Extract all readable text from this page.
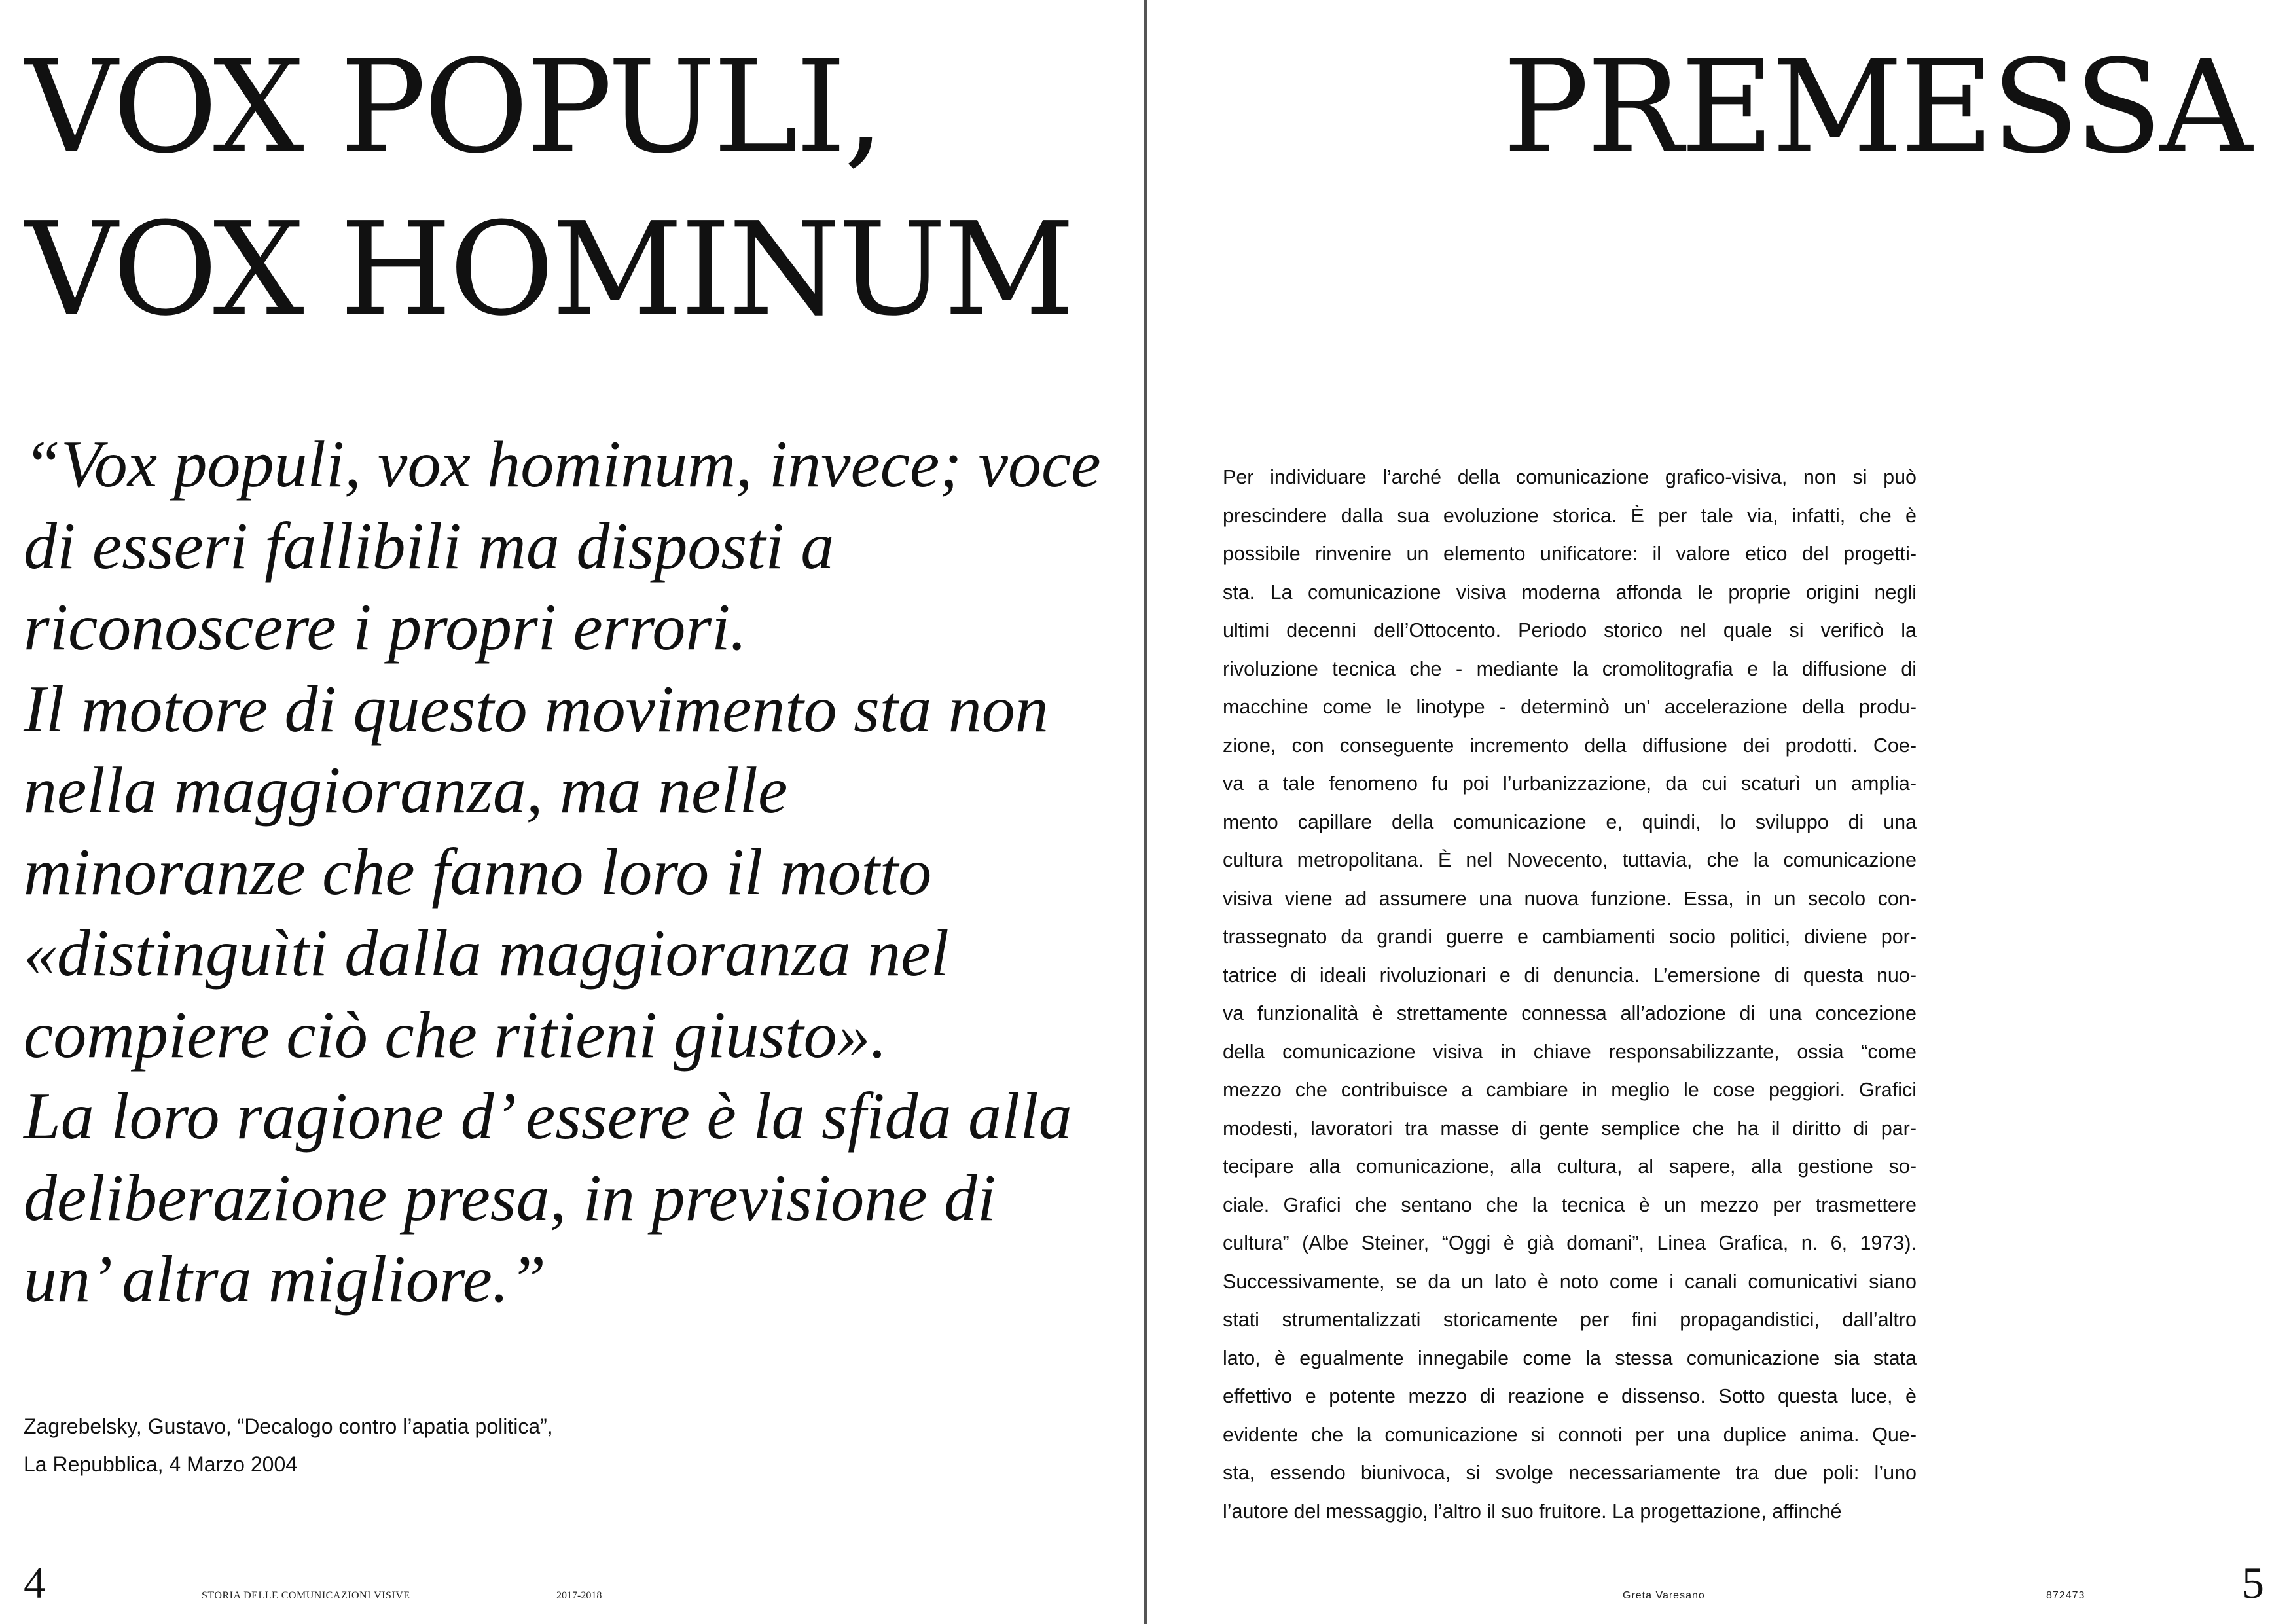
VOX POPULI,
VOX HOMINUM
“Vox populi, vox hominum, invece; voce
di esseri fallibili ma disposti a
riconoscere i propri errori.
Il motore di questo movimento sta non
nella maggioranza, ma nelle
minoranze che fanno loro il motto
«distinguìti dalla maggioranza nel
compiere ciò che ritieni giusto».
La loro ragione d’ essere è la sfida alla
deliberazione presa, in previsione di
un’ altra migliore.”
Zagrebelsky, Gustavo, “Decalogo contro l’apatia politica”,
La Repubblica, 4 Marzo 2004
4	STORIA DELLE COMUNICAZIONI VISIVE	2017-2018
PREMESSA
5
Per individuare l’arché della comunicazione grafico-visiva, non si può
prescindere dalla sua evoluzione storica. È per tale via, infatti, che è
possibile rinvenire un elemento unificatore: il valore etico del progetti-
sta. La comunicazione visiva moderna affonda le proprie origini negli
ultimi decenni dell’Ottocento. Periodo storico nel quale si verificò la
rivoluzione tecnica che - mediante la cromolitografia e la diffusione di
macchine come le linotype - determinò un’ accelerazione della produ-
zione, con conseguente incremento della diffusione dei prodotti. Coe-
va a tale fenomeno fu poi l’urbanizzazione, da cui scaturì un amplia-
mento capillare della comunicazione e, quindi, lo sviluppo di una
cultura metropolitana. È nel Novecento, tuttavia, che la comunicazione
visiva viene ad assumere una nuova funzione. Essa, in un secolo con-
trassegnato da grandi guerre e cambiamenti socio politici, diviene por-
tatrice di ideali rivoluzionari e di denuncia. L’emersione di questa nuo-
va funzionalità è strettamente connessa all’adozione di una concezione
della comunicazione visiva in chiave responsabilizzante, ossia “come
mezzo che contribuisce a cambiare in meglio le cose peggiori. Grafici
modesti, lavoratori tra masse di gente semplice che ha il diritto di par-
tecipare alla comunicazione, alla cultura, al sapere, alla gestione so-
ciale. Grafici che sentano che la tecnica è un mezzo per trasmettere
cultura” (Albe Steiner, “Oggi è già domani”, Linea Grafica, n. 6, 1973).
Successivamente, se da un lato è noto come i canali comunicativi siano
stati strumentalizzati storicamente per fini propagandistici, dall’altro
lato, è egualmente innegabile come la stessa comunicazione sia stata
effettivo e potente mezzo di reazione e dissenso. Sotto questa luce, è
evidente che la comunicazione si connoti per una duplice anima. Que-
sta, essendo biunivoca, si svolge necessariamente tra due poli: l’uno
l’autore del messaggio, l’altro il suo fruitore. La progettazione, affinché
Greta Varesano	872473
